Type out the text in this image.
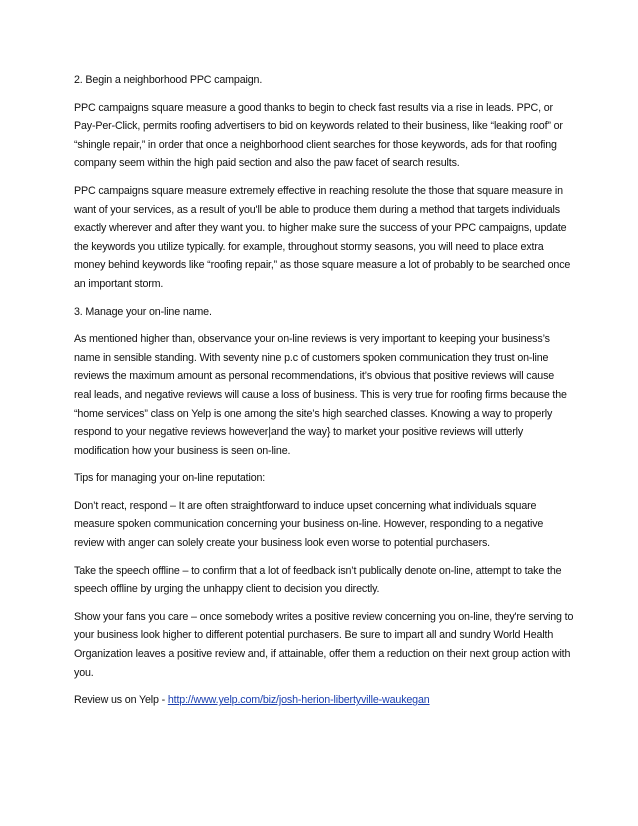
2. Begin a neighborhood PPC campaign.

PPC campaigns square measure a good thanks to begin to check fast results via a rise in leads. PPC, or Pay-Per-Click, permits roofing advertisers to bid on keywords related to their business, like “leaking roof” or “shingle repair,” in order that once a neighborhood client searches for those keywords, ads for that roofing company seem within the high paid section and also the paw facet of search results.

PPC campaigns square measure extremely effective in reaching resolute the those that square measure in want of your services, as a result of you'll be able to produce them during a method that targets individuals exactly wherever and after they want you. to higher make sure the success of your PPC campaigns, update the keywords you utilize typically. for example, throughout stormy seasons, you will need to place extra money behind keywords like “roofing repair,” as those square measure a lot of probably to be searched once an important storm.

3. Manage your on-line name.

As mentioned higher than, observance your on-line reviews is very important to keeping your business’s name in sensible standing. With seventy nine p.c of customers spoken communication they trust on-line reviews the maximum amount as personal recommendations, it’s obvious that positive reviews will cause real leads, and negative reviews will cause a loss of business. This is very true for roofing firms because the “home services” class on Yelp is one among the site’s high searched classes. Knowing a way to properly respond to your negative reviews however|and the way} to market your positive reviews will utterly modification how your business is seen on-line.

Tips for managing your on-line reputation:

Don’t react, respond – It are often straightforward to induce upset concerning what individuals square measure spoken communication concerning your business on-line. However, responding to a negative review with anger can solely create your business look even worse to potential purchasers.

Take the speech offline – to confirm that a lot of feedback isn’t publically denote on-line, attempt to take the speech offline by urging the unhappy client to decision you directly.

Show your fans you care – once somebody writes a positive review concerning you on-line, they're serving to your business look higher to different potential purchasers. Be sure to impart all and sundry World Health Organization leaves a positive review and, if attainable, offer them a reduction on their next group action with you.

Review us on Yelp - http://www.yelp.com/biz/josh-herion-libertyville-waukegan
